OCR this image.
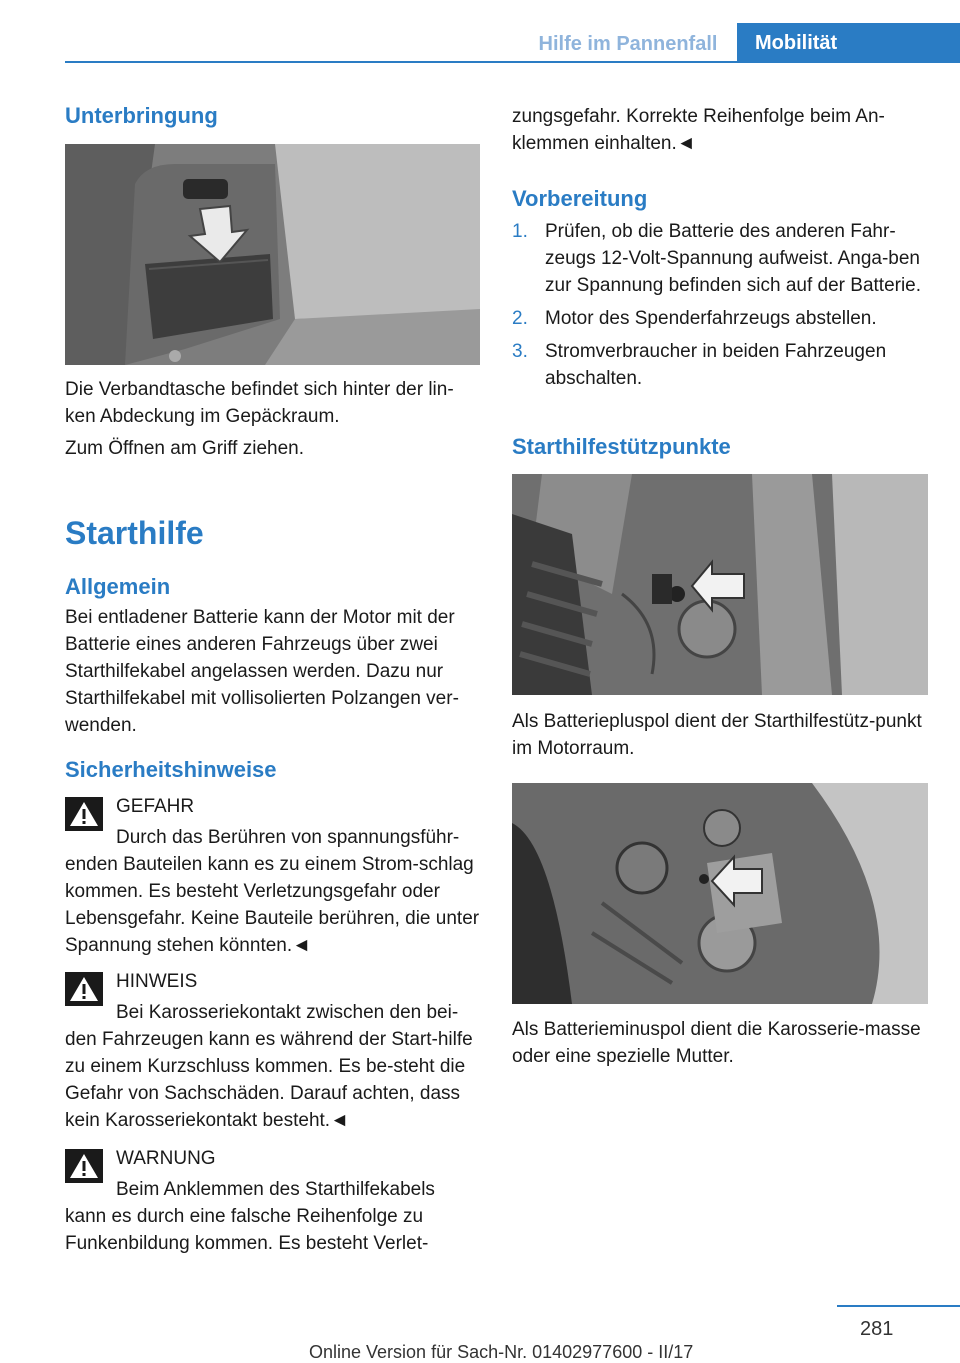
Hilfe im Pannenfall	Mobilität
Unterbringung

Die Verbandtasche befindet sich hinter der lin-ken Abdeckung im Gepäckraum.

Zum Öffnen am Griff ziehen.

Starthilfe
Allgemein

Bei entladener Batterie kann der Motor mit der Batterie eines anderen Fahrzeugs über zwei Starthilfekabel angelassen werden. Dazu nur Starthilfekabel mit vollisolierten Polzangen ver-wenden.

Sicherheitshinweise

GEFAHR

Durch das Berühren von spannungsführ-enden Bauteilen kann es zu einem Strom-schlag kommen. Es besteht Verletzungsgefahr oder Lebensgefahr. Keine Bauteile berühren, die unter Spannung stehen könnten.◄

HINWEIS

Bei Karosseriekontakt zwischen den bei-den Fahrzeugen kann es während der Start-hilfe zu einem Kurzschluss kommen. Es be-steht die Gefahr von Sachschäden. Darauf achten, dass kein Karosseriekontakt besteht.◄

WARNUNG

Beim Anklemmen des Starthilfekabels kann es durch eine falsche Reihenfolge zu Funkenbildung kommen. Es besteht Verlet-

zungsgefahr. Korrekte Reihenfolge beim An-klemmen einhalten.◄

Vorbereitung
1. Prüfen, ob die Batterie des anderen Fahr-zeugs 12-Volt-Spannung aufweist. Anga-ben zur Spannung befinden sich auf der Batterie.
2. Motor des Spenderfahrzeugs abstellen.
3. Stromverbraucher in beiden Fahrzeugen abschalten.
Starthilfestützpunkte

Als Batteriepluspol dient der Starthilfestütz-punkt im Motorraum.

Als Batterieminuspol dient die Karosserie-masse oder eine spezielle Mutter.

281
Online Version für Sach-Nr. 01402977600 - II/17
